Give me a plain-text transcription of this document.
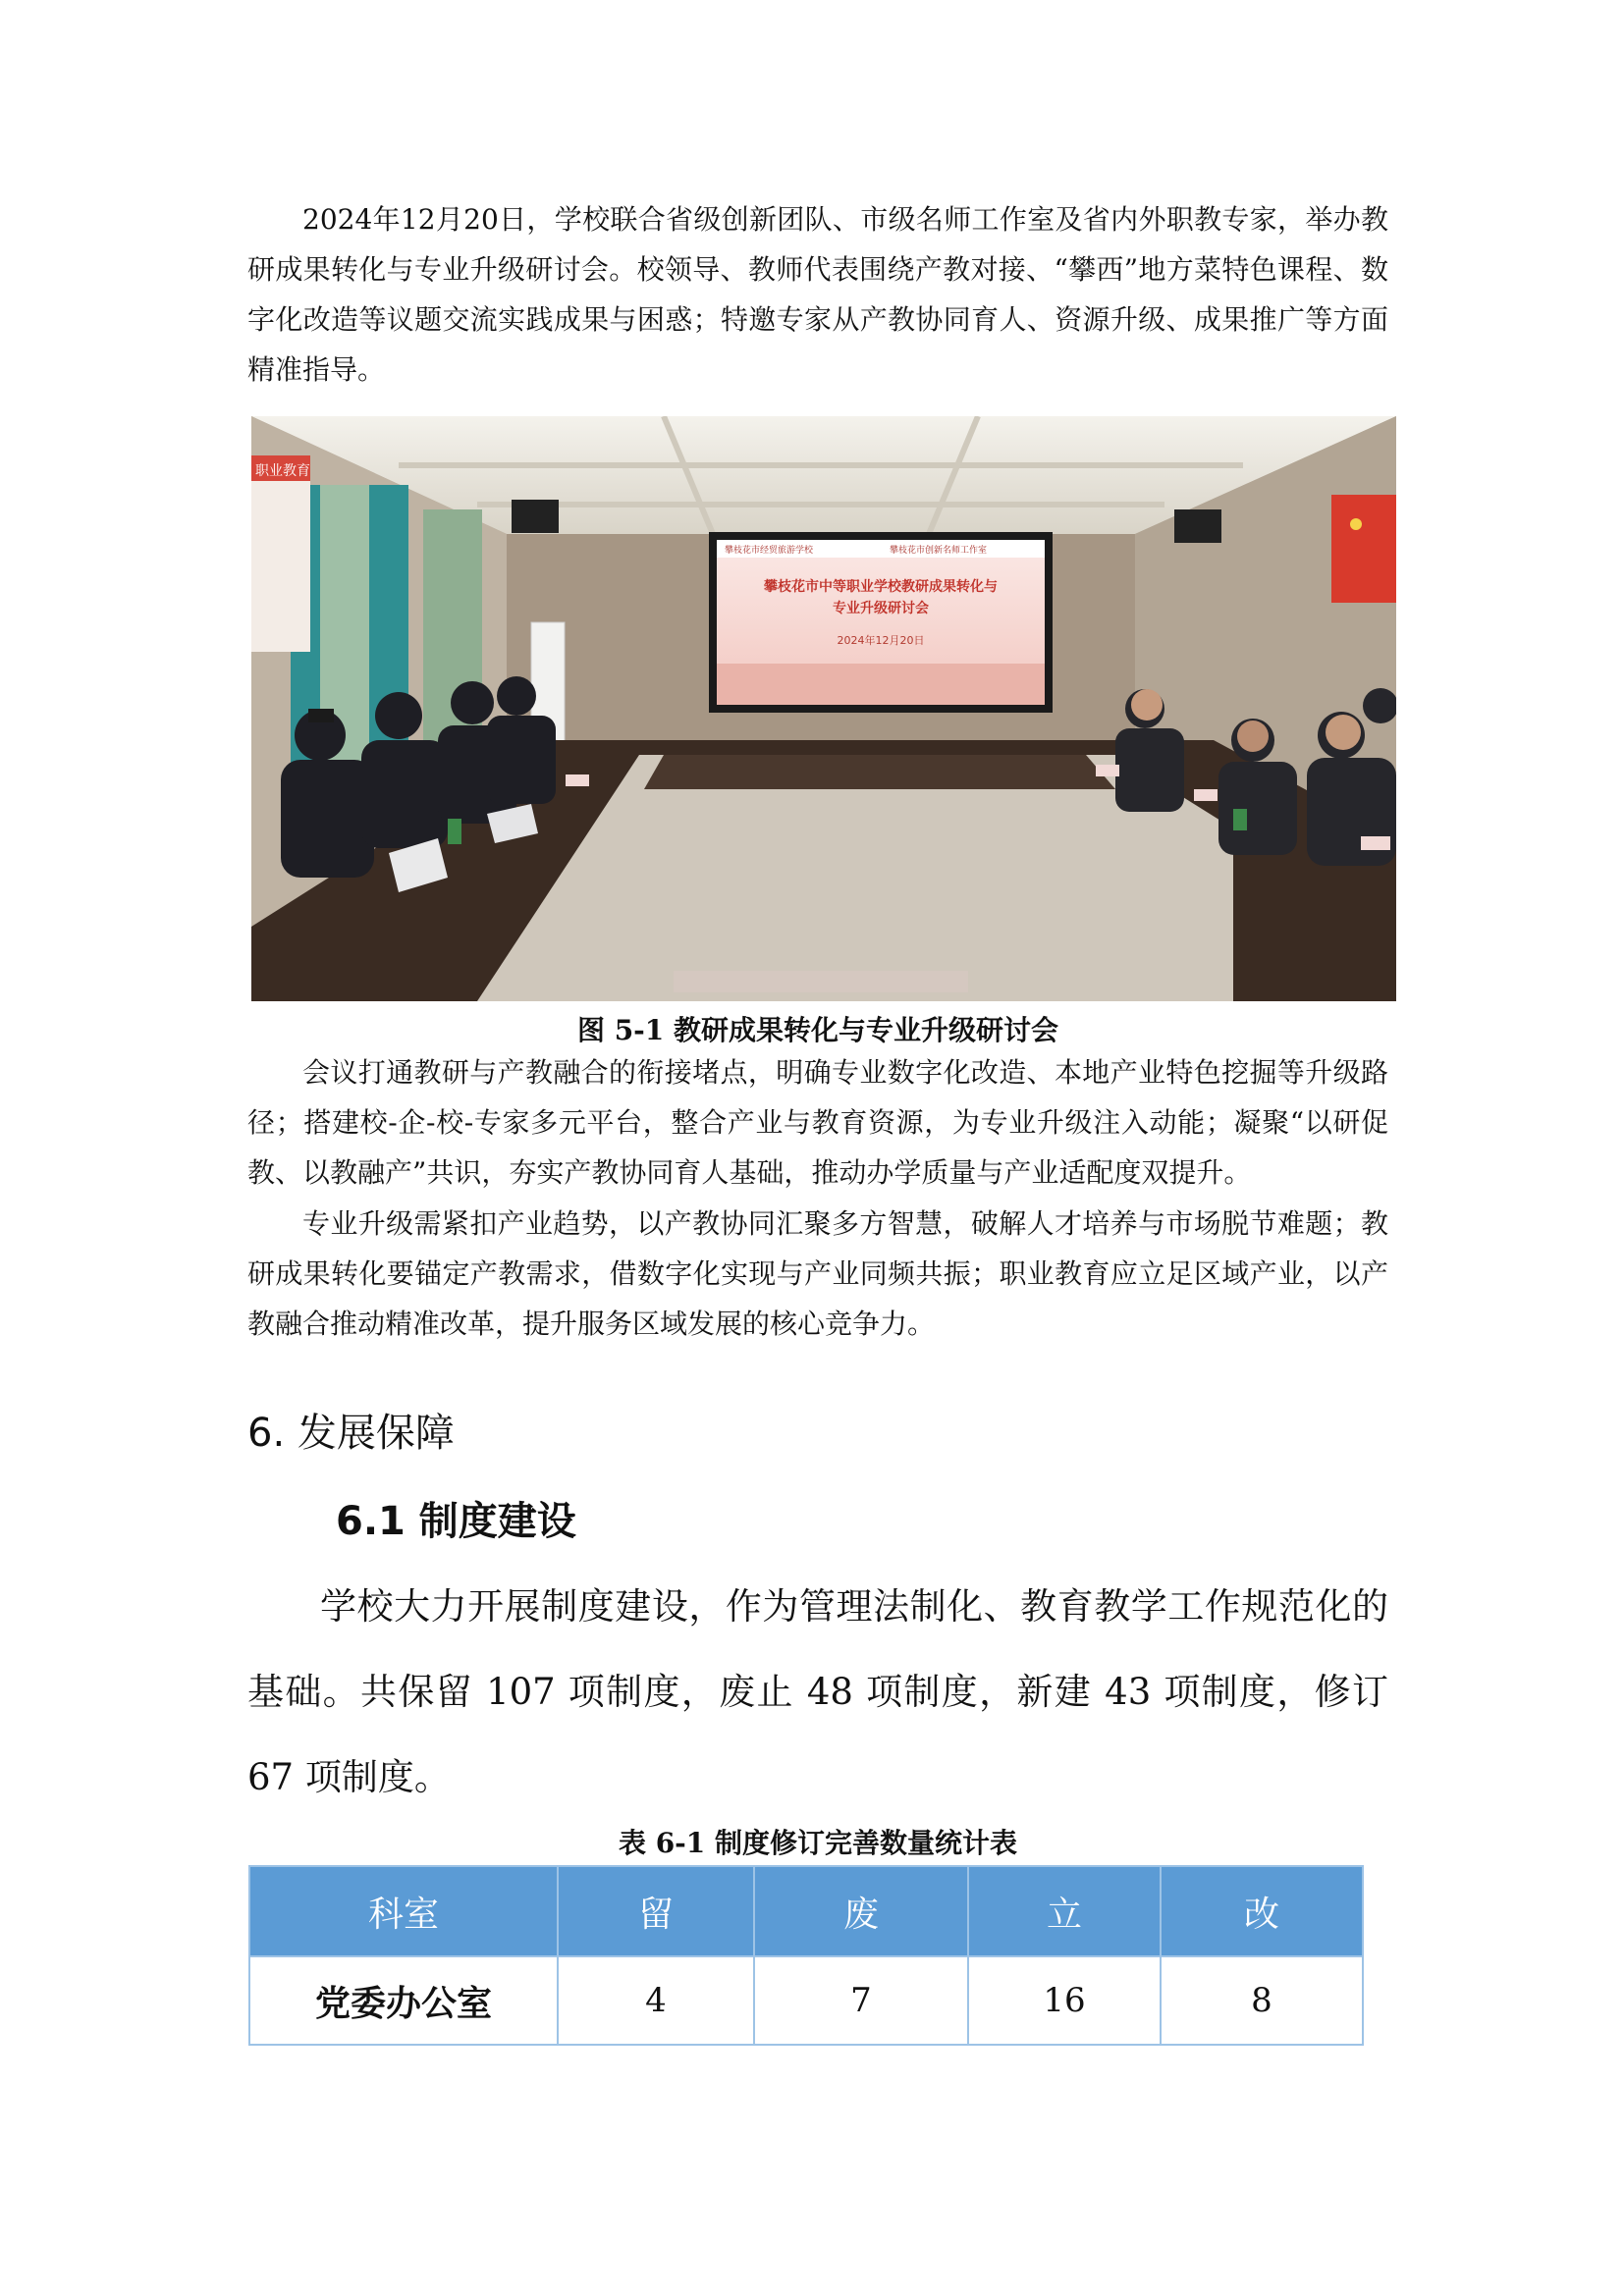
2024年12月20日，学校联合省级创新团队、市级名师工作室及省内外职教专家，举办教研成果转化与专业升级研讨会。校领导、教师代表围绕产教对接、“攀西”地方菜特色课程、数字化改造等议题交流实践成果与困惑；特邀专家从产教协同育人、资源升级、成果推广等方面精准指导。

职业教育
攀枝花市经贸旅游学校	攀枝花市创新名师工作室
攀枝花市中等职业学校教研成果转化与
专业升级研讨会
2024年12月20日
图 5-1 教研成果转化与专业升级研讨会

会议打通教研与产教融合的衔接堵点，明确专业数字化改造、本地产业特色挖掘等升级路径；搭建校-企-校-专家多元平台，整合产业与教育资源，为专业升级注入动能；凝聚“以研促教、以教融产”共识，夯实产教协同育人基础，推动办学质量与产业适配度双提升。

专业升级需紧扣产业趋势，以产教协同汇聚多方智慧，破解人才培养与市场脱节难题；教研成果转化要锚定产教需求，借数字化实现与产业同频共振；职业教育应立足区域产业，以产教融合推动精准改革，提升服务区域发展的核心竞争力。

6. 发展保障
6.1 制度建设

学校大力开展制度建设，作为管理法制化、教育教学工作规范化的基础。共保留 107 项制度，废止 48 项制度，新建 43 项制度，修订 67 项制度。

表 6-1 制度修订完善数量统计表
科室	留	废	立	改
党委办公室	4	7	16	8
